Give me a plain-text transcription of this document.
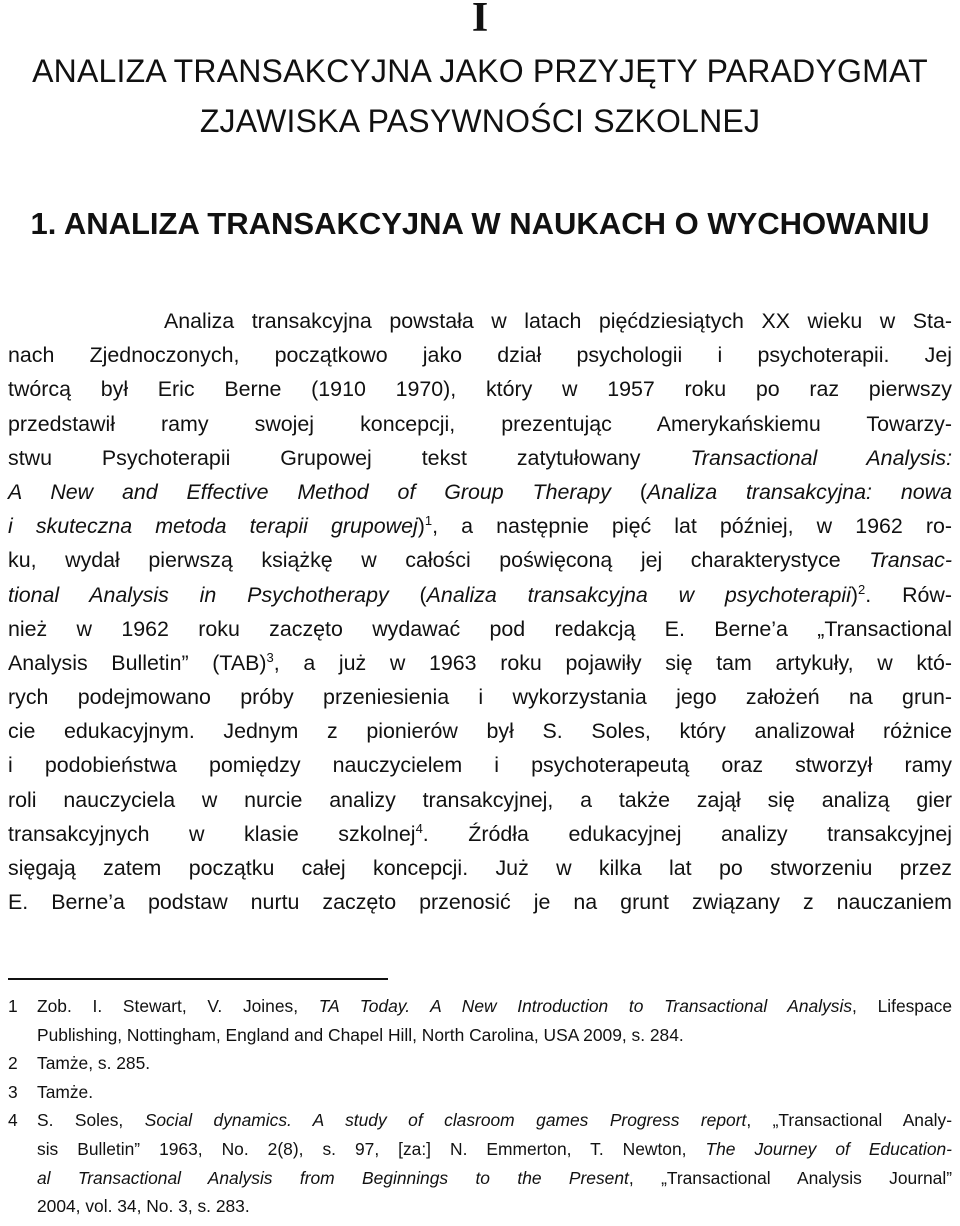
I
ANALIZA TRANSAKCYJNA JAKO PRZYJĘTY PARADYGMAT
ZJAWISKA PASYWNOŚCI SZKOLNEJ
1. ANALIZA TRANSAKCYJNA W NAUKACH O WYCHOWANIU
Analiza transakcyjna powstała w latach pięćdziesiątych XX wieku w Sta-
nach Zjednoczonych, początkowo jako dział psychologii i psychoterapii. Jej
twórcą był Eric Berne (1910 1970), który w 1957 roku po raz pierwszy
przedstawił ramy swojej koncepcji, prezentując Amerykańskiemu Towarzy-
stwu Psychoterapii Grupowej tekst zatytułowany Transactional Analysis:
A New and Effective Method of Group Therapy (Analiza transakcyjna: nowa
i skuteczna metoda terapii grupowej)$^1$, a następnie pięć lat później, w 1962 ro-
ku, wydał pierwszą książkę w całości poświęconą jej charakterystyce Transac-
tional Analysis in Psychotherapy (Analiza transakcyjna w psychoterapii)$^2$. Rów-
nież w 1962 roku zaczęto wydawać pod redakcją E. Berne’a „Transactional
Analysis Bulletin” (TAB)$^3$, a już w 1963 roku pojawiły się tam artykuły, w któ-
rych podejmowano próby przeniesienia i wykorzystania jego założeń na grun-
cie edukacyjnym. Jednym z pionierów był S. Soles, który analizował różnice
i podobieństwa pomiędzy nauczycielem i psychoterapeutą oraz stworzył ramy
roli nauczyciela w nurcie analizy transakcyjnej, a także zajął się analizą gier
transakcyjnych w klasie szkolnej$^4$. Źródła edukacyjnej analizy transakcyjnej
sięgają zatem początku całej koncepcji. Już w kilka lat po stworzeniu przez
E. Berne’a podstaw nurtu zaczęto przenosić je na grunt związany z nauczaniem
1 Zob. I. Stewart, V. Joines, TA Today. A New Introduction to Transactional Analysis, Lifespace
Publishing, Nottingham, England and Chapel Hill, North Carolina, USA 2009, s. 284.
2 Tamże, s. 285.
3 Tamże.
4 S. Soles, Social dynamics. A study of clasroom games Progress report, „Transactional Analy-
sis Bulletin” 1963, No. 2(8), s. 97, [za:] N. Emmerton, T. Newton, The Journey of Education-
al Transactional Analysis from Beginnings to the Present, „Transactional Analysis Journal”
2004, vol. 34, No. 3, s. 283.
